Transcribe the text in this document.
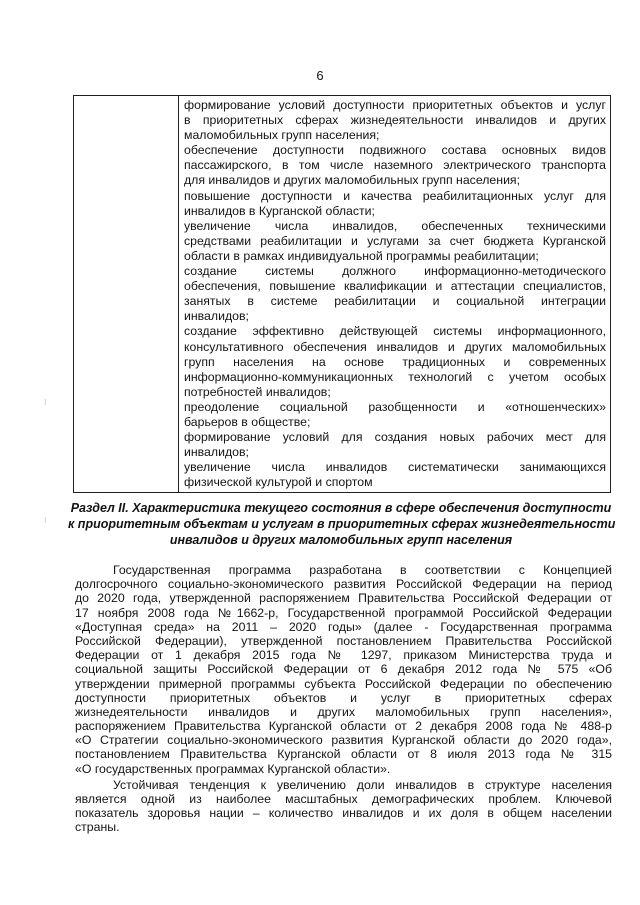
6
формирование условий доступности приоритетных объектов и услуг
в приоритетных сферах жизнедеятельности инвалидов и других
маломобильных групп населения;
обеспечение доступности подвижного состава основных видов
пассажирского, в том числе наземного электрического транспорта
для инвалидов и других маломобильных групп населения;
повышение доступности и качества реабилитационных услуг для
инвалидов в Курганской области;
увеличение числа инвалидов, обеспеченных техническими
средствами реабилитации и услугами за счет бюджета Курганской
области в рамках индивидуальной программы реабилитации;
создание системы должного информационно-методического
обеспечения, повышение квалификации и аттестации специалистов,
занятых в системе реабилитации и социальной интеграции
инвалидов;
создание эффективно действующей системы информационного,
консультативного обеспечения инвалидов и других маломобильных
групп населения на основе традиционных и современных
информационно-коммуникационных технологий с учетом особых
потребностей инвалидов;
преодоление социальной разобщенности и «отношенческих»
барьеров в обществе;
формирование условий для создания новых рабочих мест для
инвалидов;
увеличение числа инвалидов систематически занимающихся
физической культурой и спортом
Раздел II. Характеристика текущего состояния в сфере обеспечения доступности
к приоритетным объектам и услугам в приоритетных сферах жизнедеятельности
инвалидов и других маломобильных групп населения
Государственная программа разработана в соответствии с Концепцией
долгосрочного социально-экономического развития Российской Федерации на период
до 2020 года, утвержденной распоряжением Правительства Российской Федерации от
17 ноября 2008 года №1662-р, Государственной программой Российской Федерации
«Доступная среда» на 2011 – 2020 годы» (далее - Государственная программа
Российской Федерации), утвержденной постановлением Правительства Российской
Федерации от 1 декабря 2015 года № 1297, приказом Министерства труда и
социальной защиты Российской Федерации от 6 декабря 2012 года № 575 «Об
утверждении примерной программы субъекта Российской Федерации по обеспечению
доступности приоритетных объектов и услуг в приоритетных сферах
жизнедеятельности инвалидов и других маломобильных групп населения»,
распоряжением Правительства Курганской области от 2 декабря 2008 года № 488-р
«О Стратегии социально-экономического развития Курганской области до 2020 года»,
постановлением Правительства Курганской области от 8 июля 2013 года № 315
«О государственных программах Курганской области».
Устойчивая тенденция к увеличению доли инвалидов в структуре населения
является одной из наиболее масштабных демографических проблем. Ключевой
показатель здоровья нации – количество инвалидов и их доля в общем населении
страны.
⁝
⁝
